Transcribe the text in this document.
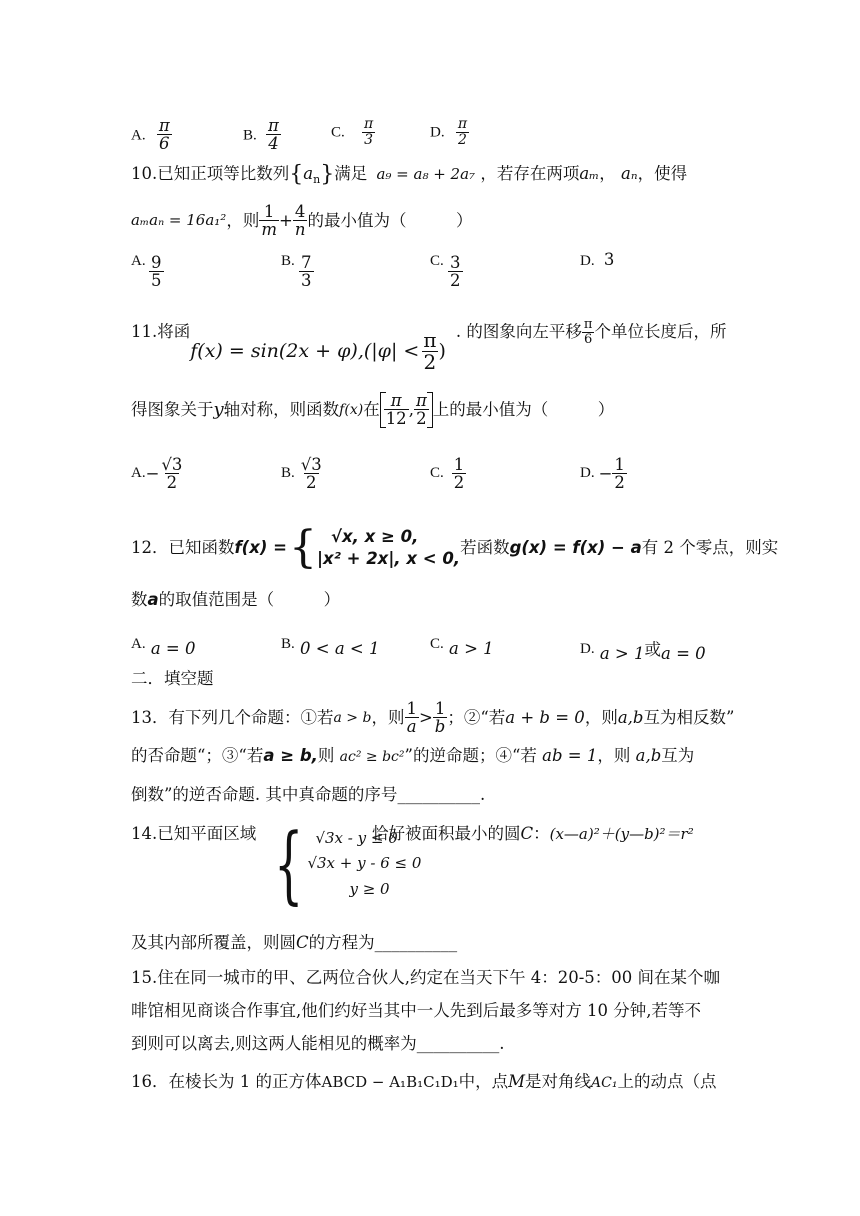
A. $\frac{\pi}{6}$	B. $\frac{\pi}{4}$	C. $\frac{\pi}{3}$	D. $\frac{\pi}{2}$
10.已知正项等比数列$\{a_n\}$满足 a₉ = a₈ + 2a₇ ，若存在两项aₘ， aₙ，使得
aₘaₙ = 16a₁² ，则 $\frac{1}{m} + \frac{4}{n}$ 的最小值为（　　　）
A. $\frac{9}{5}$	B. $\frac{7}{3}$	C. $\frac{3}{2}$	D. 3
11.将函
$f(x) = \sin(2x + \varphi),(|\varphi| < \frac{\pi}{2}$ )
. 的图象向左平移 $\frac{\pi}{6}$ 个单位长度后，所
得图象关于 y 轴对称，则函数 f(x) 在 $\frac{\pi}{12}$ , $\frac{\pi}{2}$ 上的最小值为（　　　）
A. − $\frac{√3}{2}$	B. $\frac{√3}{2}$	C. $\frac{1}{2}$	D. − $\frac{1}{2}$
12．已知函数 f(x) = { √x, x ≥ 0,
|x² + 2x|, x < 0,
若函数 g(x) = f(x) − a 有 2 个零点，则实
数a的取值范围是（　　　）
A. a = 0	B. 0 < a < 1	C. a > 1	D. a > 1或a = 0
二．填空题
13．有下列几个命题：①若 a > b ，则 $\frac{1}{a} > \frac{1}{b}$ ；②“若 a + b = 0 ，则 a,b 互为相反数”
的否命题“；③“若a ≥ b,则 ac² ≥ bc²”的逆命题；④“若 ab = 1，则 a,b互为
倒数”的逆否命题. 其中真命题的序号__________.
14.已知平面区域 { √3x - y ≤ 0
√3x + y - 6 ≤ 0
y ≥ 0
恰好被面积最小的圆C：(x—a)²＋(y—b)²＝r²
及其内部所覆盖，则圆C的方程为__________
15.住在同一城市的甲、乙两位合伙人,约定在当天下午 4：20-5：00 间在某个咖
啡馆相见商谈合作事宜,他们约好当其中一人先到后最多等对方 10 分钟,若等不
到则可以离去,则这两人能相见的概率为__________.
16．在棱长为 1 的正方体ABCD − A₁B₁C₁D₁中，点M是对角线AC₁上的动点（点
